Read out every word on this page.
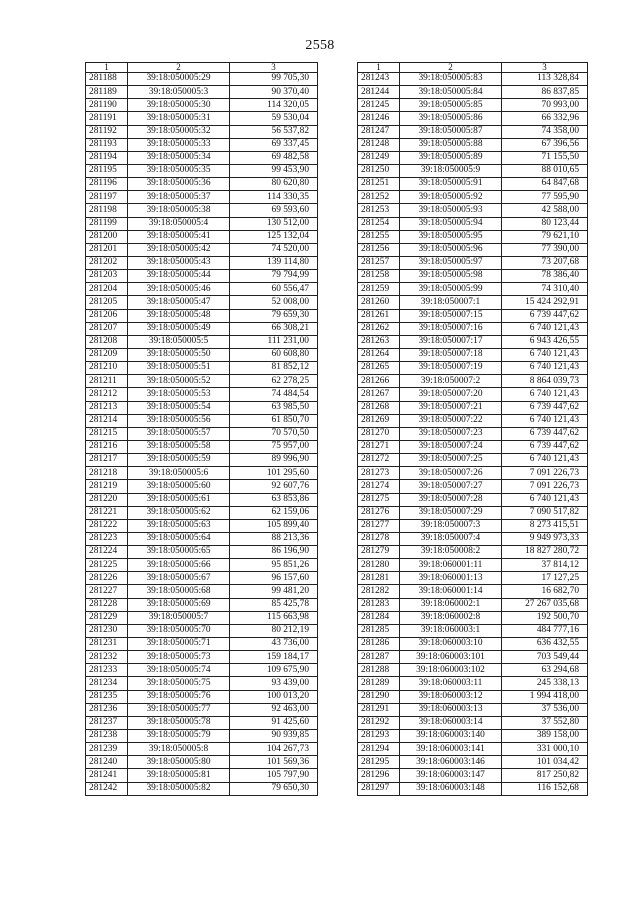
2558
1	2	3
281188	39:18:050005:29	99 705,30
281189	39:18:050005:3	90 370,40
281190	39:18:050005:30	114 320,05
281191	39:18:050005:31	59 530,04
281192	39:18:050005:32	56 537,82
281193	39:18:050005:33	69 337,45
281194	39:18:050005:34	69 482,58
281195	39:18:050005:35	99 453,90
281196	39:18:050005:36	80 620,80
281197	39:18:050005:37	114 330,35
281198	39:18:050005:38	69 593,60
281199	39:18:050005:4	130 512,00
281200	39:18:050005:41	125 132,04
281201	39:18:050005:42	74 520,00
281202	39:18:050005:43	139 114,80
281203	39:18:050005:44	79 794,99
281204	39:18:050005:46	60 556,47
281205	39:18:050005:47	52 008,00
281206	39:18:050005:48	79 659,30
281207	39:18:050005:49	66 308,21
281208	39:18:050005:5	111 231,00
281209	39:18:050005:50	60 608,80
281210	39:18:050005:51	81 852,12
281211	39:18:050005:52	62 278,25
281212	39:18:050005:53	74 484,54
281213	39:18:050005:54	63 985,50
281214	39:18:050005:56	61 850,70
281215	39:18:050005:57	70 570,50
281216	39:18:050005:58	75 957,00
281217	39:18:050005:59	89 996,90
281218	39:18:050005:6	101 295,60
281219	39:18:050005:60	92 607,76
281220	39:18:050005:61	63 853,86
281221	39:18:050005:62	62 159,06
281222	39:18:050005:63	105 899,40
281223	39:18:050005:64	88 213,36
281224	39:18:050005:65	86 196,90
281225	39:18:050005:66	95 851,26
281226	39:18:050005:67	96 157,60
281227	39:18:050005:68	99 481,20
281228	39:18:050005:69	85 425,78
281229	39:18:050005:7	115 663,98
281230	39:18:050005:70	80 212,19
281231	39:18:050005:71	43 736,00
281232	39:18:050005:73	159 184,17
281233	39:18:050005:74	109 675,90
281234	39:18:050005:75	93 439,00
281235	39:18:050005:76	100 013,20
281236	39:18:050005:77	92 463,00
281237	39:18:050005:78	91 425,60
281238	39:18:050005:79	90 939,85
281239	39:18:050005:8	104 267,73
281240	39:18:050005:80	101 569,36
281241	39:18:050005:81	105 797,90
281242	39:18:050005:82	79 650,30
1	2	3
281243	39:18:050005:83	113 328,84
281244	39:18:050005:84	86 837,85
281245	39:18:050005:85	70 993,00
281246	39:18:050005:86	66 332,96
281247	39:18:050005:87	74 358,00
281248	39:18:050005:88	67 396,56
281249	39:18:050005:89	71 155,50
281250	39:18:050005:9	88 010,65
281251	39:18:050005:91	64 847,68
281252	39:18:050005:92	77 595,90
281253	39:18:050005:93	42 588,00
281254	39:18:050005:94	80 123,44
281255	39:18:050005:95	79 621,10
281256	39:18:050005:96	77 390,00
281257	39:18:050005:97	73 207,68
281258	39:18:050005:98	78 386,40
281259	39:18:050005:99	74 310,40
281260	39:18:050007:1	15 424 292,91
281261	39:18:050007:15	6 739 447,62
281262	39:18:050007:16	6 740 121,43
281263	39:18:050007:17	6 943 426,55
281264	39:18:050007:18	6 740 121,43
281265	39:18:050007:19	6 740 121,43
281266	39:18:050007:2	8 864 039,73
281267	39:18:050007:20	6 740 121,43
281268	39:18:050007:21	6 739 447,62
281269	39:18:050007:22	6 740 121,43
281270	39:18:050007:23	6 739 447,62
281271	39:18:050007:24	6 739 447,62
281272	39:18:050007:25	6 740 121,43
281273	39:18:050007:26	7 091 226,73
281274	39:18:050007:27	7 091 226,73
281275	39:18:050007:28	6 740 121,43
281276	39:18:050007:29	7 090 517,82
281277	39:18:050007:3	8 273 415,51
281278	39:18:050007:4	9 949 973,33
281279	39:18:050008:2	18 827 280,72
281280	39:18:060001:11	37 814,12
281281	39:18:060001:13	17 127,25
281282	39:18:060001:14	16 682,70
281283	39:18:060002:1	27 267 035,68
281284	39:18:060002:8	192 500,70
281285	39:18:060003:1	484 777,16
281286	39:18:060003:10	636 432,55
281287	39:18:060003:101	703 549,44
281288	39:18:060003:102	63 294,68
281289	39:18:060003:11	245 338,13
281290	39:18:060003:12	1 994 418,00
281291	39:18:060003:13	37 536,00
281292	39:18:060003:14	37 552,80
281293	39:18:060003:140	389 158,00
281294	39:18:060003:141	331 000,10
281295	39:18:060003:146	101 034,42
281296	39:18:060003:147	817 250,82
281297	39:18:060003:148	116 152,68
